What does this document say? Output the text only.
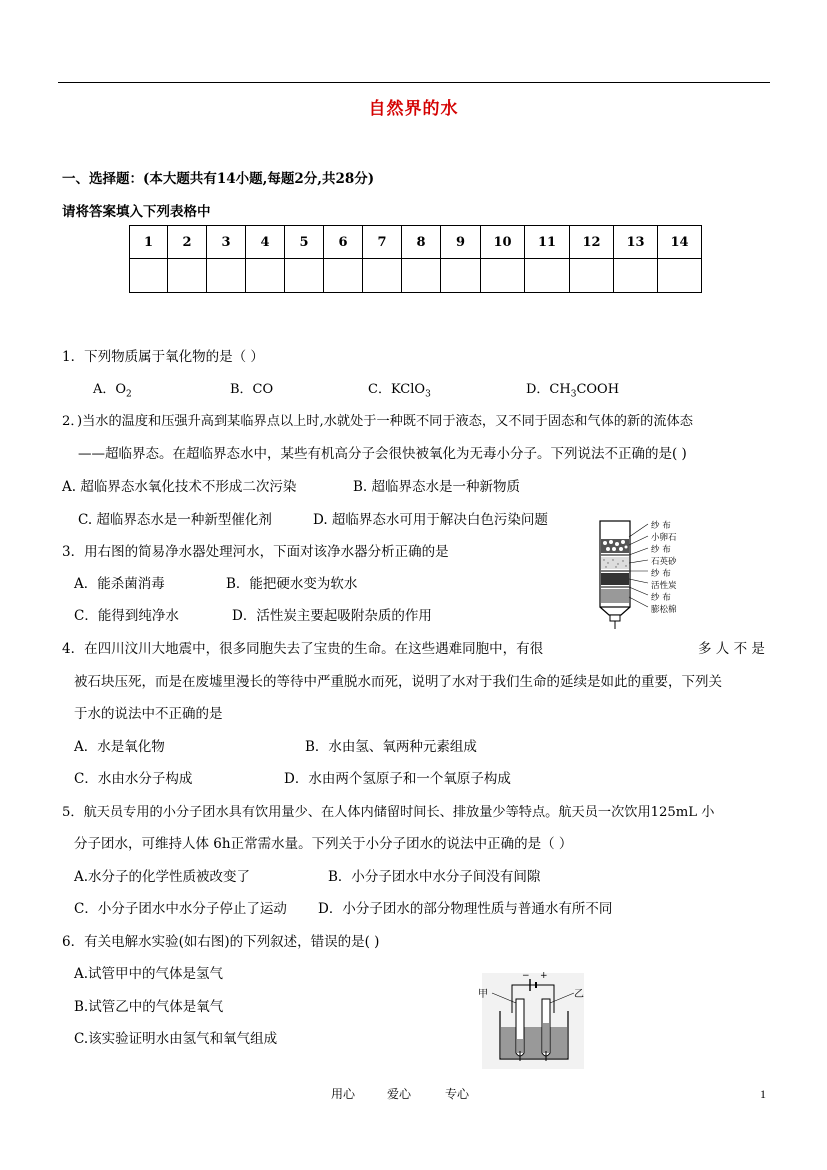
自然界的水
一、选择题：(本大题共有14小题,每题2分,共28分)
请将答案填入下列表格中
1	2	3	4	5	6	7	8	9	10	11	12	13	14

1．下列物质属于氧化物的是（ ）
A．$O_2$	B．CO	C．KClO$_3$	D．$CH_3COOH$
2．)当水的温度和压强升高到某临界点以上时,水就处于一种既不同于液态，又不同于固态和气体的新的流体态
——超临界态。在超临界态水中，某些有机高分子会很快被氧化为无毒小分子。下列说法不正确的是( )
A. 超临界态水氧化技术不形成二次污染	B. 超临界态水是一种新物质
C. 超临界态水是一种新型催化剂	D. 超临界态水可用于解决白色污染问题	纱 布
小卵石
纱 布
石英砂
纱 布
活性炭
纱 布
膨松棉
3．用右图的简易净水器处理河水，下面对该净水器分析正确的是
A．能杀菌消毒	B．能把硬水变为软水
C．能得到纯净水	D．活性炭主要起吸附杂质的作用
4．在四川汶川大地震中，很多同胞失去了宝贵的生命。在这些遇难同胞中，有很	多 人 不 是
被石块压死，而是在废墟里漫长的等待中严重脱水而死，说明了水对于我们生命的延续是如此的重要，下列关
于水的说法中不正确的是
A．水是氧化物	B．水由氢、氧两种元素组成
C．水由水分子构成	D．水由两个氢原子和一个氧原子构成
5．航天员专用的小分子团水具有饮用量少、在人体内储留时间长、排放量少等特点。航天员一次饮用125mL 小
分子团水，可维持人体 6h正常需水量。下列关于小分子团水的说法中正确的是（ ）
A.水分子的化学性质被改变了	B．小分子团水中水分子间没有间隙
C．小分子团水中水分子停止了运动 D．小分子团水的部分物理性质与普通水有所不同
6．有关电解水实验(如右图)的下列叙述，错误的是( )
A.试管甲中的气体是氢气
B.试管乙中的气体是氧气
C.该实验证明水由氢气和氧气组成
甲	乙
− +
用心	爱心	专心	1
